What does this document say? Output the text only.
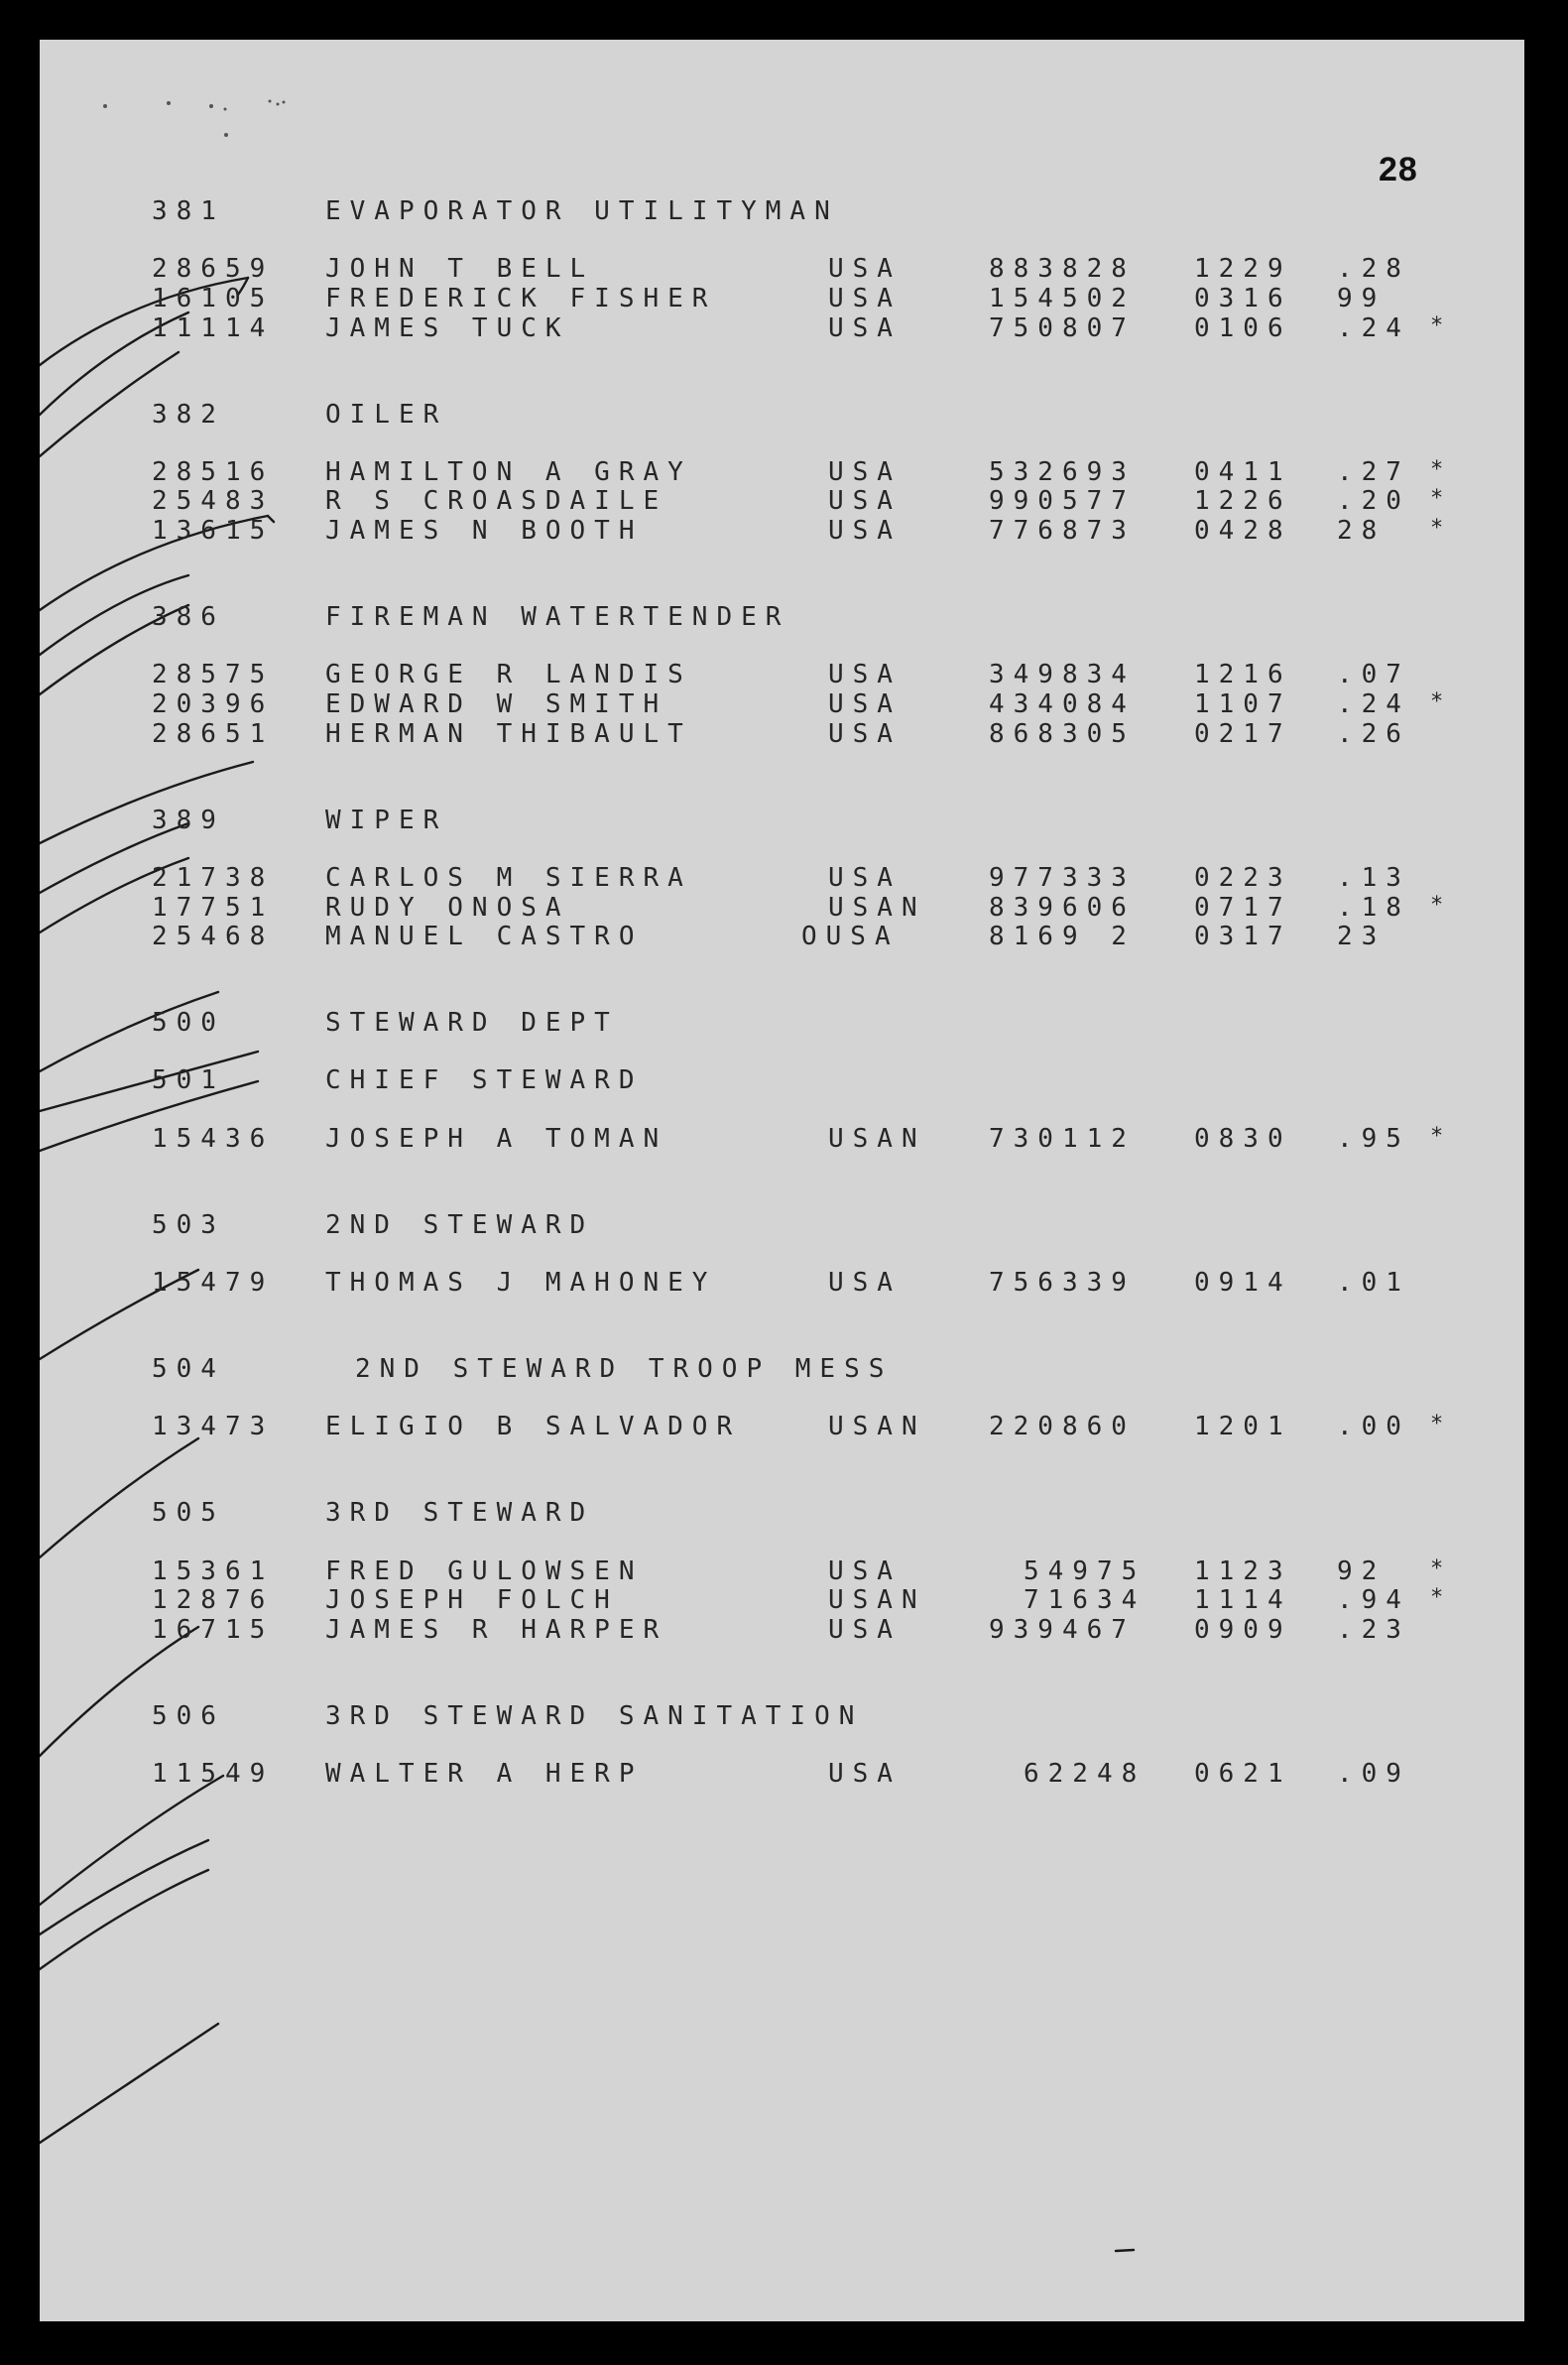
28
381	EVAPORATOR UTILITYMAN
28659 JOHN T BELL	USA	883828 1229 .28
16105 FREDERICK FISHER	USA	154502 0316 99
11114 JAMES TUCK	USA	750807 0106 .24 *
382	OILER
28516 HAMILTON A GRAY	USA	532693 0411 .27 *
25483 R S CROASDAILE	USA	990577 1226 .20 *
13615 JAMES N BOOTH	USA	776873 0428 28 *
386	FIREMAN WATERTENDER
28575 GEORGE R LANDIS	USA	349834 1216 .07
20396 EDWARD W SMITH	USA	434084 1107 .24 *
28651 HERMAN THIBAULT	USA	868305 0217 .26
389	WIPER
21738 CARLOS M SIERRA	USA	977333 0223 .13
17751 RUDY ONOSA	USAN 839606 0717 .18 *
25468 MANUEL CASTRO	OUSA	8169 2 0317 23
500	STEWARD DEPT
501	CHIEF STEWARD
15436 JOSEPH A TOMAN	USAN 730112 0830 .95 *
503	2ND STEWARD
15479 THOMAS J MAHONEY	USA	756339 0914 .01
504	2ND STEWARD TROOP MESS
13473 ELIGIO B SALVADOR	USAN 220860 1201 .00 *
505	3RD STEWARD
15361 FRED GULOWSEN	USA	54975 1123 92 *
12876 JOSEPH FOLCH	USAN	71634 1114 .94 *
16715 JAMES R HARPER	USA	939467 0909 .23
506	3RD STEWARD SANITATION
11549 WALTER A HERP	USA	62248 0621 .09
